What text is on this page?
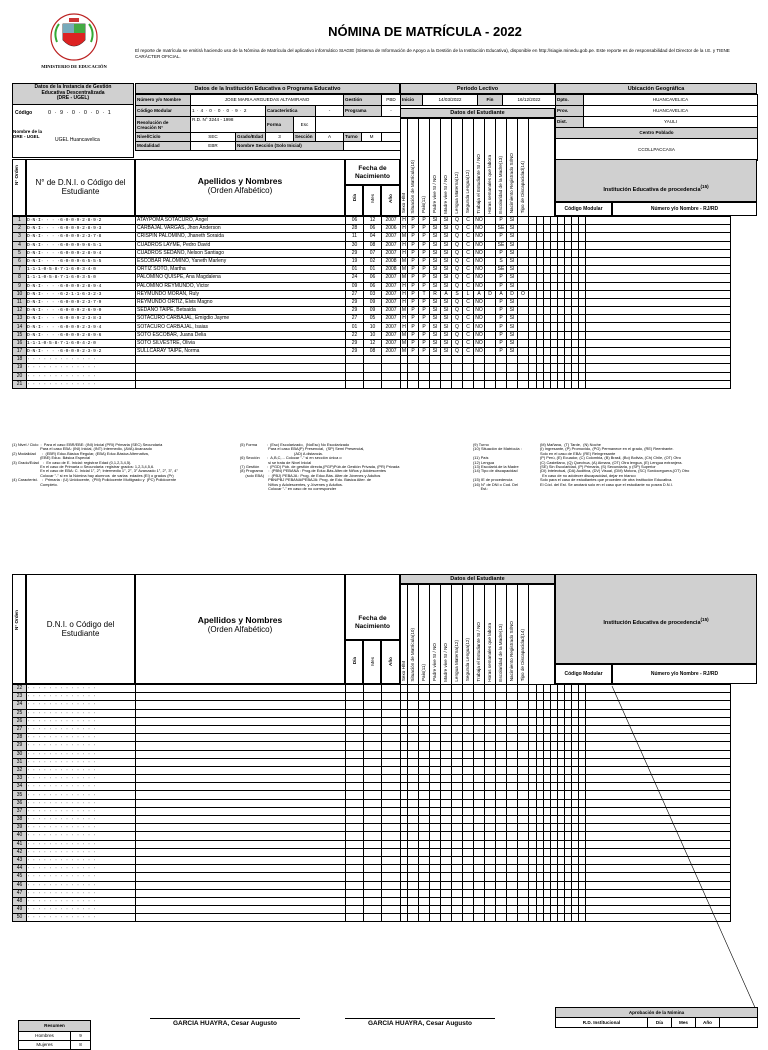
MINISTERIO DE EDUCACIÓN
NÓMINA DE MATRÍCULA - 2022
El reporte de matrícula se emitirá haciendo uso de la Nómina de Matrícula del aplicativo informático SIAGIE (Sistema de Información de Apoyo a la Gestión de la Institución Educativa), disponible en http://siagie.minedu.gob.pe. Este reporte es de responsabilidad del Director de la I.E. y TIENE CARÁCTER OFICIAL.
Datos de la Instancia de Gestión Educativa Descentralizada
(DRE - UGEL)
Código	0 · 9 · 0 · 0 · 0 · 1
Nombre de la DRE - UGEL
UGEL Huancavelica
Datos de la Institución Educativa o Programa Educativo
Número y/o Nombre	JOSE MARIA ARGUEDAS ALTAMIRANO					Gestión		PBD
Código Modular	1 · 4 · 0 · 0 · 0 · 9 · 2		Característica		-	Programa		-
Resolución de Creación N°	R.D. N° 3244 - 1998		Forma	Esc				
Nivel/Ciclo	SEC	Grado/Edad	3	Sección	A	Turno	M	
Modalidad	EBR	Nombre Sección (Solo Inicial)						
Periodo Lectivo
Inicio	14/03/2022	Fin	16/12/2022
Ubicación Geográfica
Dpto.	HUANCAVELICA
Prov.	HUANCAVELICA
Dist.	YAULI
Centro Poblado	
CCOLLPACCASA	
N° Orden	N° de D.N.I. o Código del Estudiante
Apellidos y Nombres
(Orden Alfabético)
Fecha de Nacimiento
Día	Mes	Año
Datos del Estudiante
Sexo H/M	Situación de Matrícula(10)	País(11)	Padre vive SI / NO	Madre vive SI / NO	Lengua Materna(12)	Segunda Lengua(12)	Trabaja el Estudiante SI / NO	Horas semanales que labora	Escolaridad de la Madre(13)	Nacimiento Registrado SI/NO	Tipo de Discapacidad(14)		Institución Educativa de procedencia$^{(15)}$
Código Modular	Número y/o Nombre - RJ/RD
1	D·N·I· · · ·6·0·0·9·2·8·9·2	ATAYPOMA SOTACURO, Angel	06	12	2007	H	P	P	SI	SI	Q	C	NO		P	SI										
2	D·N·I· · · ·6·0·0·9·2·8·9·3	CARBAJAL VARGAS, Jhon Anderson	28	06	2006	H	P	P	SI	SI	Q	C	NO		SE	SI										
3	D·N·I· · · ·6·0·0·9·2·3·7·8	CRISPIN PALOMINO, Jhaneth Soraida	11	04	2007	M	P	P	SI	SI	Q	C	NO		P	SI										
4	D·N·I· · · ·6·0·0·9·9·6·5·1	CUADROS LAYME, Pedro David	30	08	2007	H	P	P	SI	SI	Q	C	NO		SE	SI										
5	D·N·I· · · ·6·0·0·9·2·8·9·4	CUADROS SEDANO, Nelson Santiago	29	07	2007	H	P	P	SI	SI	Q	C	NO		P	SI										
6	D·N·I· · · ·6·0·0·9·6·5·5·5	ESCOBAR PALOMINO, Yaneth Marleny	19	02	2008	M	P	P	SI	SI	Q	C	NO		S	SI										
7	1·1·1·0·5·8·7·1·6·0·3·4·0	ORTIZ SOTO, Martha	01	01	2008	M	P	P	SI	SI	Q	C	NO		SE	SI										
8	1·1·1·0·5·8·7·1·6·0·3·5·0	PALOMINO QUISPE, Ana Magdalena	24	06	2007	M	P	P	SI	SI	Q	C	NO		P	SI										
9	D·N·I· · · ·6·0·0·9·2·8·9·4	PALOMINO REYMUNDO, Victor	09	06	2007	H	P	P	SI	SI	Q	C	NO		P	SI										
10	D·N·I· · · ·6·2·1·1·6·3·2·3	REYMUNDO MORAN, Ruly	27	03	2007	H	P	T	R	A	S	L	A	D	A	D	O									
11	D·N·I· · · ·6·0·0·9·2·3·7·9	REYMUNDO ORTIZ, Elvis Magno	29	09	2007	H	P	P	SI	SI	Q	C	NO		P	SI										
12	D·N·I· · · ·6·0·0·9·2·6·9·0	SEDANO TAIPE, Betsaida	29	09	2007	M	P	P	SI	SI	Q	C	NO		P	SI										
13	D·N·I· · · ·6·0·0·9·2·3·8·3	SOTACURO CARBAJAL, Emigdio Jayme	27	05	2007	H	P	P	SI	SI	Q	C	NO		P	SI										
14	D·N·I· · · ·6·0·0·9·2·3·9·4	SOTACURO CARBAJAL, Isaias	01	10	2007	H	P	P	SI	SI	Q	C	NO		P	SI										
15	D·N·I· · · ·6·0·0·9·2·8·9·6	SOTO ESCOBAR, Juana Delia	22	10	2007	M	P	P	SI	SI	Q	C	NO		P	SI										
16	1·1·1·0·5·8·7·1·6·0·4·2·0	SOTO SILVESTRE, Olivia	29	12	2007	M	P	P	SI	SI	Q	C	NO		P	SI										
17	D·N·I· · · ·6·0·0·9·2·3·9·2	SULLCARAY TAIPE, Norma	29	08	2007	M	P	P	SI	SI	Q	C	NO		P	SI										
18	· · · · · · · · · · · · ·																									
19	· · · · · · · · · · · · ·																									
20	· · · · · · · · · · · · ·																									
21	· · · · · · · · · · · · ·																									
(1) Nivel / Ciclo  :  Para el caso EBR/EBE: (INI) Inicial (PRI) Primaria (SEC) Secundaria
Para el caso EBA: (INI) Inicial, (INT) Intermedio, (AVA) Avanzado
(2) Modalidad      :  (EBR) Educ.Básica Regular, (EBA) Educ.Básica Alternativa,
(EBE) Educ. Básica Especial
(3) Grado/Edad    :  En caso de E. Inicial: registrar Edad (0,1,2,3,4,5).
En el caso de Primaria o Secundaria: registrar grados: 1,2,3,4,5,6.
En el caso de EBA: C. Inicial 1°, 2°; Intermedio 1°, 2°, 3° Avanzado 1°, 2°, 3°, 4°
Colocar "-" si en la Nómina hay alumnos  de varias  edades (EI) o grados (Pr)
(4) Caracterist.    :  Primaria : (U) Unidocente,  (PM) Polidocente Multigrado y  (PC) Polidocente
Completo.
(5) Forma         :  (Esc) Escolarizado,  (NoEsc) No Escolarizado
Para el caso EBA(P) Presencial,  (SP) Semi Presencial,
(AD) A distancia.
(6) Sección       :  A,B,C,... Colocar "-" si en sección única o
si se trata de Nivel Inicial
(7) Gestión       :  (PGD) Púb. de gestión directa,(PGP)Púb.de Gestión Privada, (PR) Privada
(8) Programa     :  (PBN) PEBANA : Prog.de Educ.Bás.Alter.de Niños y Adolescentes
(solo EBA)    :  (PBJ) PEBAJA : Prog. de Educ.Bás. Alter.de Jóvenes y Adultos
PBN/PBJ PEBANA/PEBAJA: Prog. de Edu. Básica Alter. de
Niños y Adolescentes, y Jóvenes y Adultos.
Colocar "-" en caso de no corresponder
(9) Turno
(10) Situación de Matrícula :

(11) País
(12) Lengua
(13) Escolarid.de la Madre
(14) Tipo de discapacidad

(15) IE de procedencia
(16) N° de DNI o Cod. Del
Est.:
(M) Mañana,  (T) Tarde,  (N) Noche
(I) Ingresante, (P) Promovido, (PG) Permanece en el grado, (RE) Reentrante.
Solo en el caso de EBA: (RE) Reingresante
(P) Perú, (E) Ecuador, (C) Colombia, (B) Brasil, (Bo) Bolivia, (Ch) Chile, (OT) Otro
(C) Castellano, (Q) Quechua, (A) Aimara, (OT) Otra lengua, (E) Lengua extranjera.
(SE) Sin Escolaridad, (P) Primaria, (S) Secundaria, y (SP) Superior
(DI) Intelectual, (DA) Auditiva, (DV) Visual, (DM) Motora, (SC) Sordoceguera,(OT) Otro
En caso de no adolecer discapacidad, dejar en blanco
Solo para el caso de estudiantes que proceden de otra Institución Educativa.
El Cód. del Est. Se anotará solo en el caso que el estudiante no posea D.N.I.
N° Orden	D.N.I. o Código del Estudiante
Apellidos y Nombres
(Orden Alfabético)
Fecha de Nacimiento
Día	Mes	Año
Datos del Estudiante
Sexo H/M	Situación de Matrícula(10)	País(11)	Padre vive SI / NO	Madre vive SI / NO	Lengua Materna(12)	Segunda Lengua(12)	Trabaja el Estudiante SI / NO	Horas semanales que labora	Escolaridad de la Madre(13)	Nacimiento Registrado SI/NO	Tipo de Discapacidad(14)	
Institución Educativa de procedencia$^{(15)}$
Código Modular	Número y/o Nombre - RJ/RD
22	· · · · · · · · · · · · ·																									
23	· · · · · · · · · · · · ·																									
24	· · · · · · · · · · · · ·																									
25	· · · · · · · · · · · · ·																									
26	· · · · · · · · · · · · ·																									
27	· · · · · · · · · · · · ·																									
28	· · · · · · · · · · · · ·																									
29	· · · · · · · · · · · · ·																									
30	· · · · · · · · · · · · ·																									
31	· · · · · · · · · · · · ·																									
32	· · · · · · · · · · · · ·																									
33	· · · · · · · · · · · · ·																									
34	· · · · · · · · · · · · ·																									
35	· · · · · · · · · · · · ·																									
36	· · · · · · · · · · · · ·																									
37	· · · · · · · · · · · · ·																									
38	· · · · · · · · · · · · ·																									
39	· · · · · · · · · · · · ·																									
40	· · · · · · · · · · · · ·																									
41	· · · · · · · · · · · · ·																									
42	· · · · · · · · · · · · ·																									
43	· · · · · · · · · · · · ·																									
44	· · · · · · · · · · · · ·																									
45	· · · · · · · · · · · · ·																									
46	· · · · · · · · · · · · ·																									
47	· · · · · · · · · · · · ·																									
48	· · · · · · · · · · · · ·																									
49	· · · · · · · · · · · · ·																									
50	· · · · · · · · · · · · ·																									
Resumen	
Hombres	9
Mujeres	8
GARCIA HUAYRA, Cesar Augusto	GARCIA HUAYRA, Cesar Augusto
Aprobación de la Nómina
R.D. Institucional	Día	Mes	Año	
